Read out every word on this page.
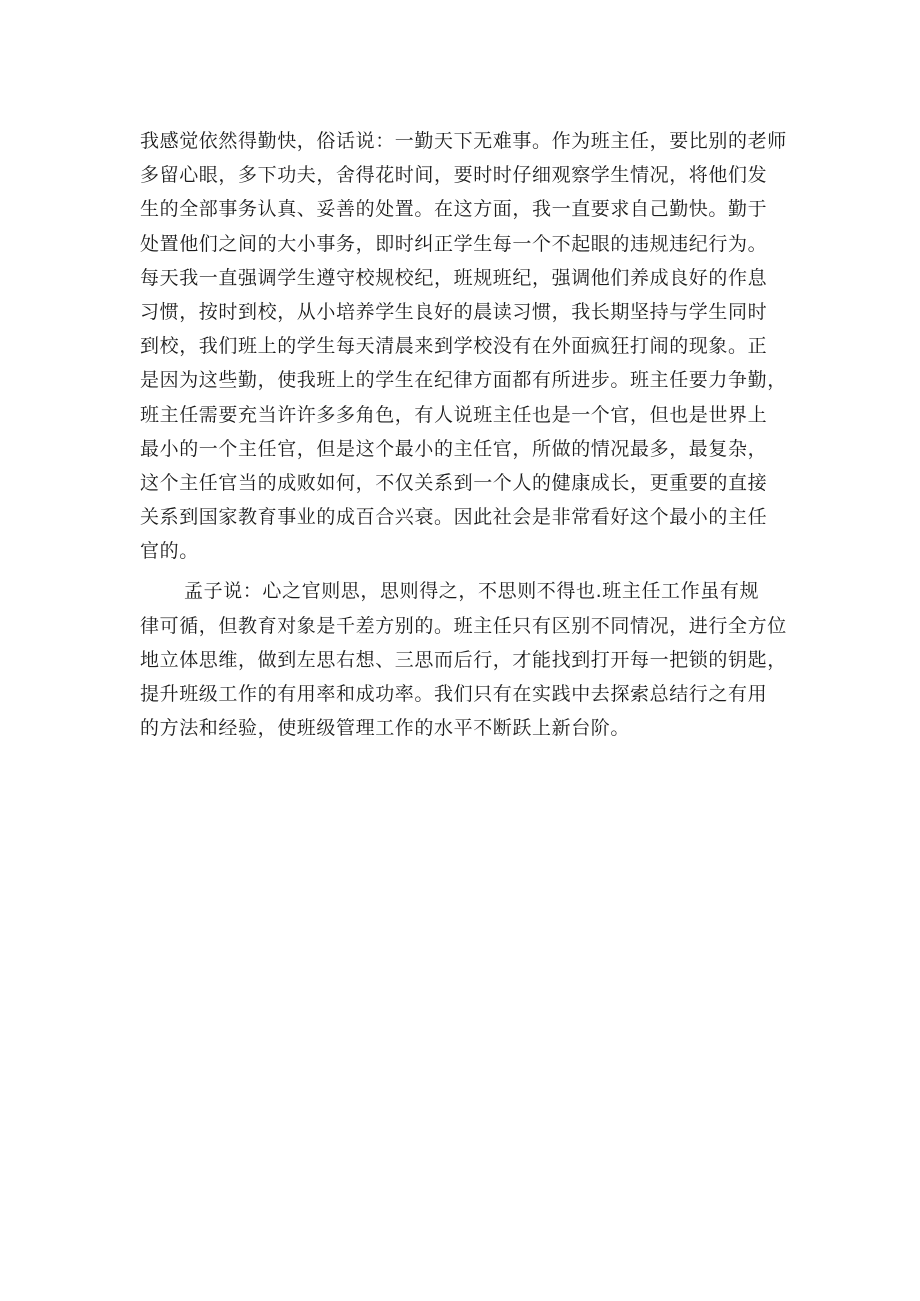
我感觉依然得勤快，俗话说：一勤天下无难事。作为班主任，要比别的老师
多留心眼，多下功夫，舍得花时间，要时时仔细观察学生情况，将他们发
生的全部事务认真、妥善的处置。在这方面，我一直要求自己勤快。勤于
处置他们之间的大小事务，即时纠正学生每一个不起眼的违规违纪行为。
每天我一直强调学生遵守校规校纪，班规班纪，强调他们养成良好的作息
习惯，按时到校，从小培养学生良好的晨读习惯，我长期坚持与学生同时
到校，我们班上的学生每天清晨来到学校没有在外面疯狂打闹的现象。正
是因为这些勤，使我班上的学生在纪律方面都有所进步。班主任要力争勤，
班主任需要充当许许多多角色，有人说班主任也是一个官，但也是世界上
最小的一个主任官，但是这个最小的主任官，所做的情况最多，最复杂，
这个主任官当的成败如何，不仅关系到一个人的健康成长，更重要的直接
关系到国家教育事业的成百合兴衰。因此社会是非常看好这个最小的主任
官的。

孟子说：心之官则思，思则得之，不思则不得也.班主任工作虽有规
律可循，但教育对象是千差方别的。班主任只有区别不同情况，进行全方位
地立体思维，做到左思右想、三思而后行，才能找到打开每一把锁的钥匙，
提升班级工作的有用率和成功率。我们只有在实践中去探索总结行之有用
的方法和经验，使班级管理工作的水平不断跃上新台阶。
